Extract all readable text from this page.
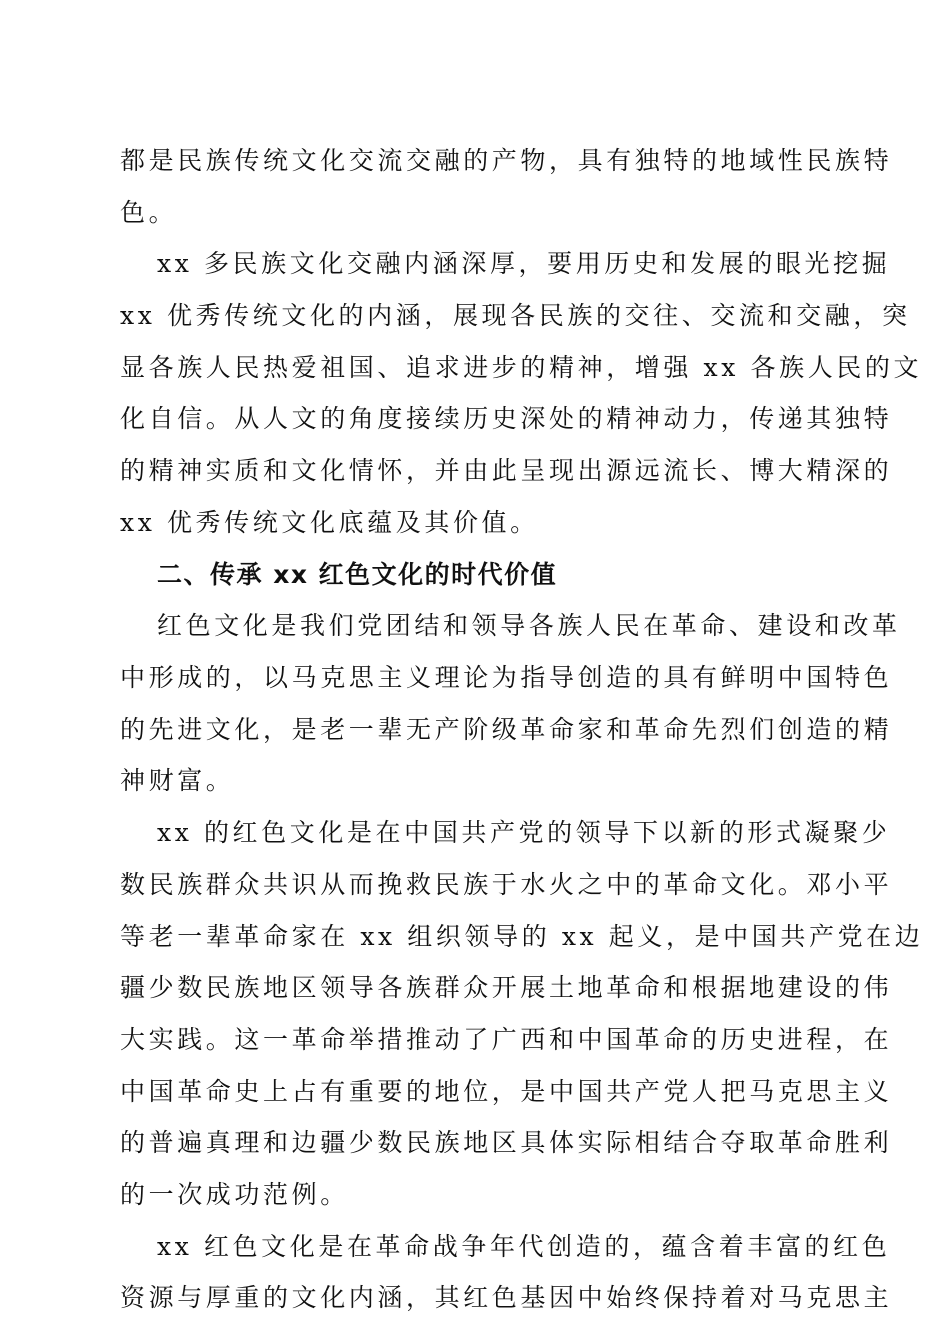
都是民族传统文化交流交融的产物，具有独特的地域性民族特
色。
xx 多民族文化交融内涵深厚，要用历史和发展的眼光挖掘
xx 优秀传统文化的内涵，展现各民族的交往、交流和交融，突
显各族人民热爱祖国、追求进步的精神，增强 xx 各族人民的文
化自信。从人文的角度接续历史深处的精神动力，传递其独特
的精神实质和文化情怀，并由此呈现出源远流长、博大精深的
xx 优秀传统文化底蕴及其价值。
二、传承 xx 红色文化的时代价值
红色文化是我们党团结和领导各族人民在革命、建设和改革
中形成的，以马克思主义理论为指导创造的具有鲜明中国特色
的先进文化，是老一辈无产阶级革命家和革命先烈们创造的精
神财富。
xx 的红色文化是在中国共产党的领导下以新的形式凝聚少
数民族群众共识从而挽救民族于水火之中的革命文化。邓小平
等老一辈革命家在 xx 组织领导的 xx 起义，是中国共产党在边
疆少数民族地区领导各族群众开展土地革命和根据地建设的伟
大实践。这一革命举措推动了广西和中国革命的历史进程，在
中国革命史上占有重要的地位，是中国共产党人把马克思主义
的普遍真理和边疆少数民族地区具体实际相结合夺取革命胜利
的一次成功范例。
xx 红色文化是在革命战争年代创造的，蕴含着丰富的红色
资源与厚重的文化内涵，其红色基因中始终保持着对马克思主
